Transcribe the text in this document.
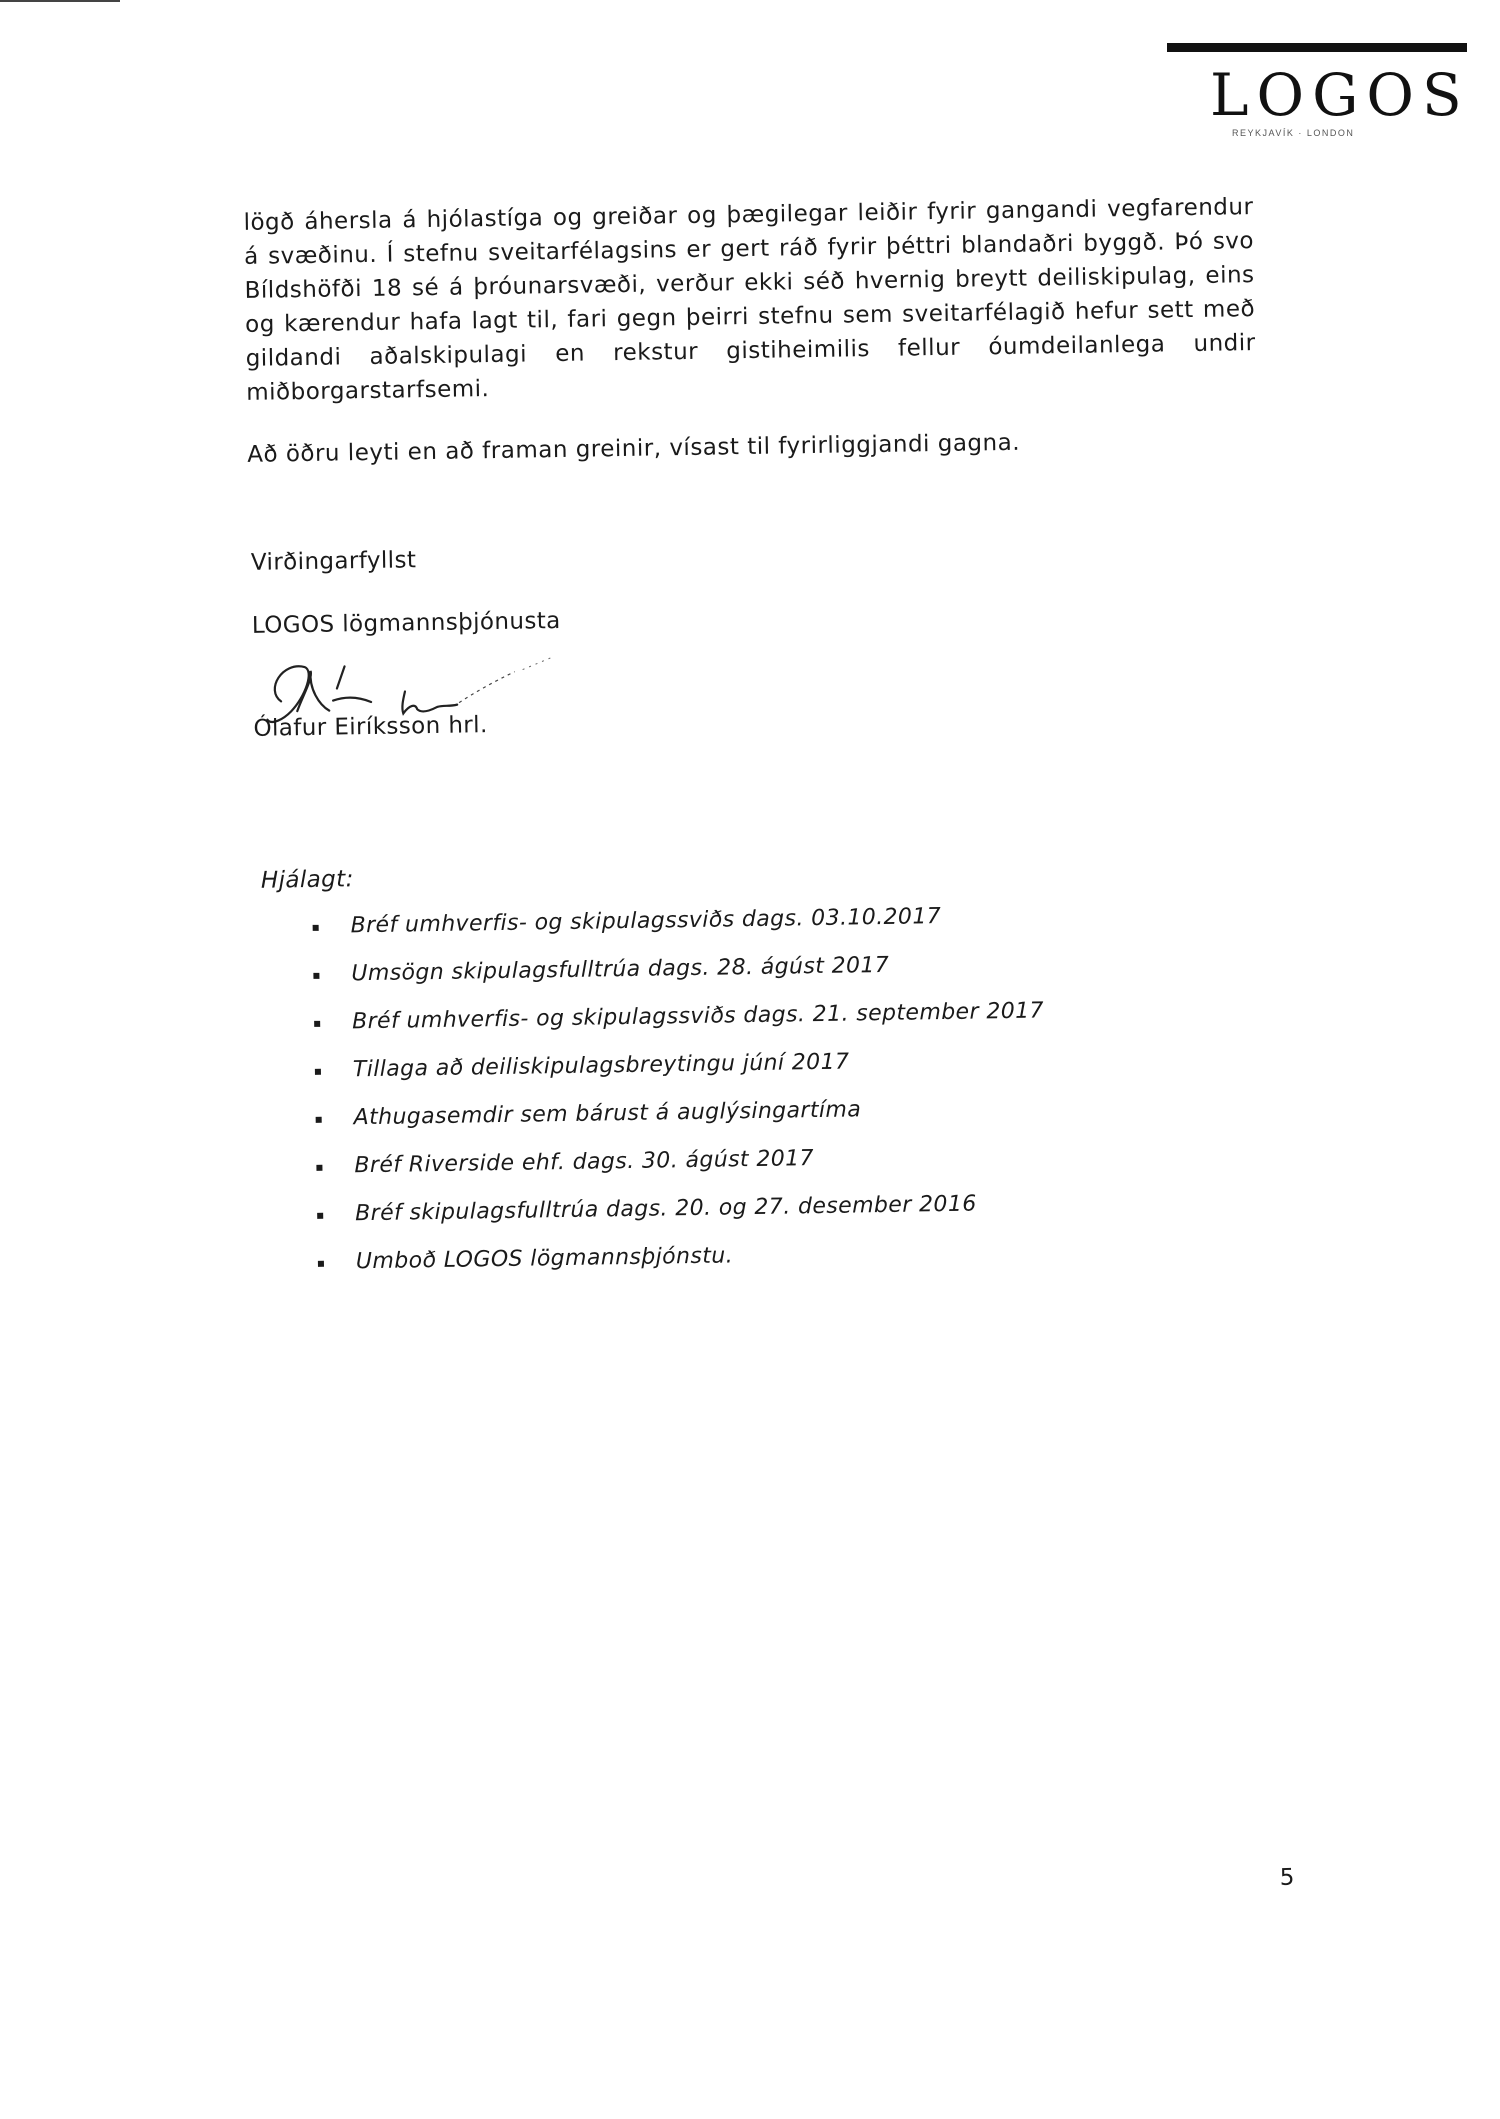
LOGOS
REYKJAVÍK · LONDON

lögð áhersla á hjólastíga og greiðar og þægilegar leiðir fyrir gangandi vegfarendur á svæðinu. Í stefnu sveitarfélagsins er gert ráð fyrir þéttri blandaðri byggð. Þó svo Bíldshöfði 18 sé á þróunarsvæði, verður ekki séð hvernig breytt deiliskipulag, eins og kærendur hafa lagt til, fari gegn þeirri stefnu sem sveitarfélagið hefur sett með gildandi aðalskipulagi en rekstur gistiheimilis fellur óumdeilanlega undir miðborgarstarfsemi.

Að öðru leyti en að framan greinir, vísast til fyrirliggjandi gagna.

Virðingarfyllst
LOGOS lögmannsþjónusta
Ólafur Eiríksson hrl.
Hjálagt:
Bréf umhverfis- og skipulagssviðs dags. 03.10.2017
Umsögn skipulagsfulltrúa dags. 28. ágúst 2017
Bréf umhverfis- og skipulagssviðs dags. 21. september 2017
Tillaga að deiliskipulagsbreytingu júní 2017
Athugasemdir sem bárust á auglýsingartíma
Bréf Riverside ehf. dags. 30. ágúst 2017
Bréf skipulagsfulltrúa dags. 20. og 27. desember 2016
Umboð LOGOS lögmannsþjónstu.
5
